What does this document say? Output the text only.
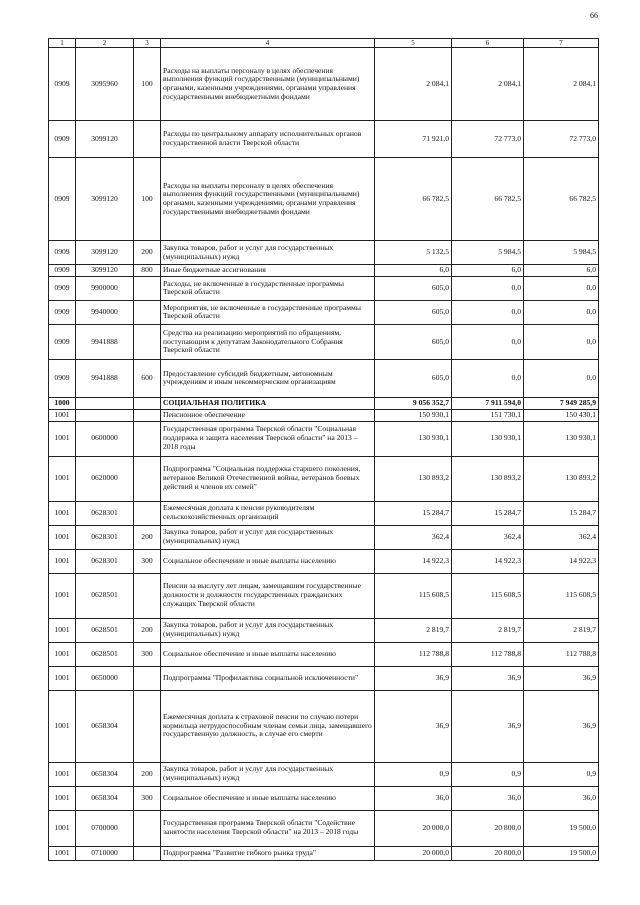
66
1	2	3	4	5	6	7
0909	3095960	100	Расходы на выплаты персоналу в целях обеспечения выполнения функций государственными (муниципальными) органами, казенными учреждениями, органами управления государственными внебюджетными фондами	2 084,1	2 084,1	2 084,1
0909	3099120		Расходы по центральному аппарату исполнительных органов государственной власти Тверской области	71 921,0	72 773,0	72 773,0
0909	3099120	100	Расходы на выплаты персоналу в целях обеспечения выполнения функций государственными (муниципальными) органами, казенными учреждениями, органами управления государственными внебюджетными фондами	66 782,5	66 782,5	66 782,5
0909	3099120	200	Закупка товаров, работ и услуг для государственных (муниципальных) нужд	5 132,5	5 984,5	5 984,5
0909	3099120	800	Иные бюджетные ассигнования	6,0	6,0	6,0
0909	9900000		Расходы, не включенные в государственные программы Тверской области	605,0	0,0	0,0
0909	9940000		Мероприятия, не включенные в государственные программы Тверской области	605,0	0,0	0,0
0909	9941888		Средства на реализацию мероприятий по обращениям, поступающим к депутатам Законодательного Собрания Тверской области	605,0	0,0	0,0
0909	9941888	600	Предоставление субсидий бюджетным, автономным учреждениям и иным некоммерческим организациям	605,0	0,0	0,0
1000			СОЦИАЛЬНАЯ ПОЛИТИКА	9 056 352,7	7 911 594,0	7 949 285,9
1001			Пенсионное обеспечение	150 930,1	151 730,1	150 430,1
1001	0600000		Государственная программа Тверской области "Социальная поддержка и защита населения Тверской области" на 2013 – 2018 годы	130 930,1	130 930,1	130 930,1
1001	0620000		Подпрограмма "Социальная поддержка старшего поколения, ветеранов Великой Отечественной войны, ветеранов боевых действий и членов их семей"	130 893,2	130 893,2	130 893,2
1001	0628301		Ежемесячная доплата к пенсии руководителям сельскохозяйственных организаций	15 284,7	15 284,7	15 284,7
1001	0628301	200	Закупка товаров, работ и услуг для государственных (муниципальных) нужд	362,4	362,4	362,4
1001	0628301	300	Социальное обеспечение и иные выплаты населению	14 922,3	14 922,3	14 922,3
1001	0628501		Пенсии за выслугу лет лицам, замещавшим государственные должности и должности государственных гражданских служащих Тверской области	115 608,5	115 608,5	115 608,5
1001	0628501	200	Закупка товаров, работ и услуг для государственных (муниципальных) нужд	2 819,7	2 819,7	2 819,7
1001	0628501	300	Социальное обеспечение и иные выплаты населению	112 788,8	112 788,8	112 788,8
1001	0650000		Подпрограмма "Профилактика социальной исключенности"	36,9	36,9	36,9
1001	0658304		Ежемесячная доплата к страховой пенсии по случаю потери кормильца нетрудоспособным членам семьи лица, замещавшего государственную должность, в случае его смерти	36,9	36,9	36,9
1001	0658304	200	Закупка товаров, работ и услуг для государственных (муниципальных) нужд	0,9	0,9	0,9
1001	0658304	300	Социальное обеспечение и иные выплаты населению	36,0	36,0	36,0
1001	0700000		Государственная программа Тверской области "Содействие занятости населения Тверской области" на 2013 – 2018 годы	20 000,0	20 800,0	19 500,0
1001	0710000		Подпрограмма "Развитие гибкого рынка труда"	20 000,0	20 800,0	19 500,0
